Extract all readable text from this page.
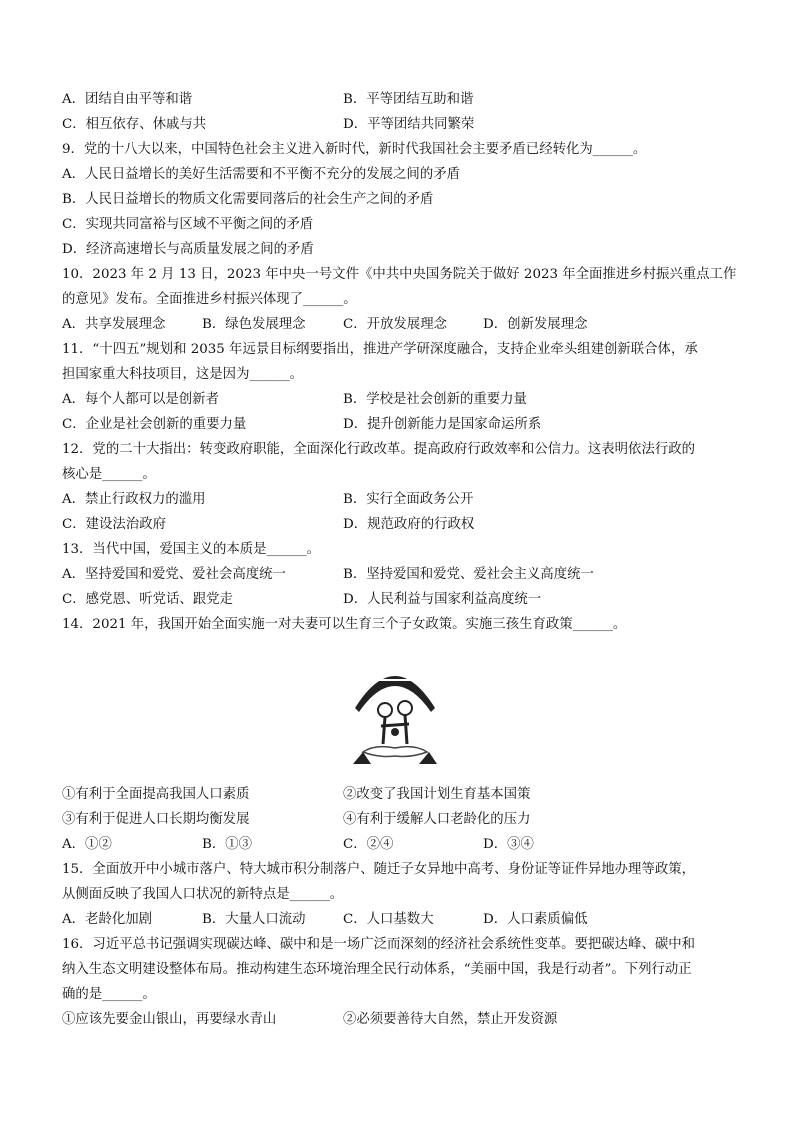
A．团结自由平等和谐	B．平等团结互助和谐
C．相互依存、休戚与共	D．平等团结共同繁荣
9．党的十八大以来，中国特色社会主义进入新时代，新时代我国社会主要矛盾已经转化为______。
A．人民日益增长的美好生活需要和不平衡不充分的发展之间的矛盾
B．人民日益增长的物质文化需要同落后的社会生产之间的矛盾
C．实现共同富裕与区域不平衡之间的矛盾
D．经济高速增长与高质量发展之间的矛盾
10．2023 年 2 月 13 日，2023 年中央一号文件《中共中央国务院关于做好 2023 年全面推进乡村振兴重点工作
的意见》发布。全面推进乡村振兴体现了______。
A．共享发展理念	B．绿色发展理念	C．开放发展理念	D．创新发展理念
11．“十四五”规划和 2035 年远景目标纲要指出，推进产学研深度融合，支持企业牵头组建创新联合体，承
担国家重大科技项目，这是因为______。
A．每个人都可以是创新者	B．学校是社会创新的重要力量
C．企业是社会创新的重要力量	D．提升创新能力是国家命运所系
12．党的二十大指出：转变政府职能，全面深化行政改革。提高政府行政效率和公信力。这表明依法行政的
核心是______。
A．禁止行政权力的滥用	B．实行全面政务公开
C．建设法治政府	D．规范政府的行政权
13．当代中国，爱国主义的本质是______。
A．坚持爱国和爱党、爱社会高度统一	B．坚持爱国和爱党、爱社会主义高度统一
C．感党恩、听党话、跟党走	D．人民利益与国家利益高度统一
14．2021 年，我国开始全面实施一对夫妻可以生育三个子女政策。实施三孩生育政策______。
①有利于全面提高我国人口素质	②改变了我国计划生育基本国策
③有利于促进人口长期均衡发展	④有利于缓解人口老龄化的压力
A．①②	B．①③	C．②④	D．③④
15．全面放开中小城市落户、特大城市积分制落户、随迁子女异地中高考、身份证等证件异地办理等政策，
从侧面反映了我国人口状况的新特点是______。
A．老龄化加剧	B．大量人口流动	C．人口基数大	D．人口素质偏低
16．习近平总书记强调实现碳达峰、碳中和是一场广泛而深刻的经济社会系统性变革。要把碳达峰、碳中和
纳入生态文明建设整体布局。推动构建生态环境治理全民行动体系，“美丽中国，我是行动者”。下列行动正
确的是______。
①应该先要金山银山，再要绿水青山	②必须要善待大自然，禁止开发资源
